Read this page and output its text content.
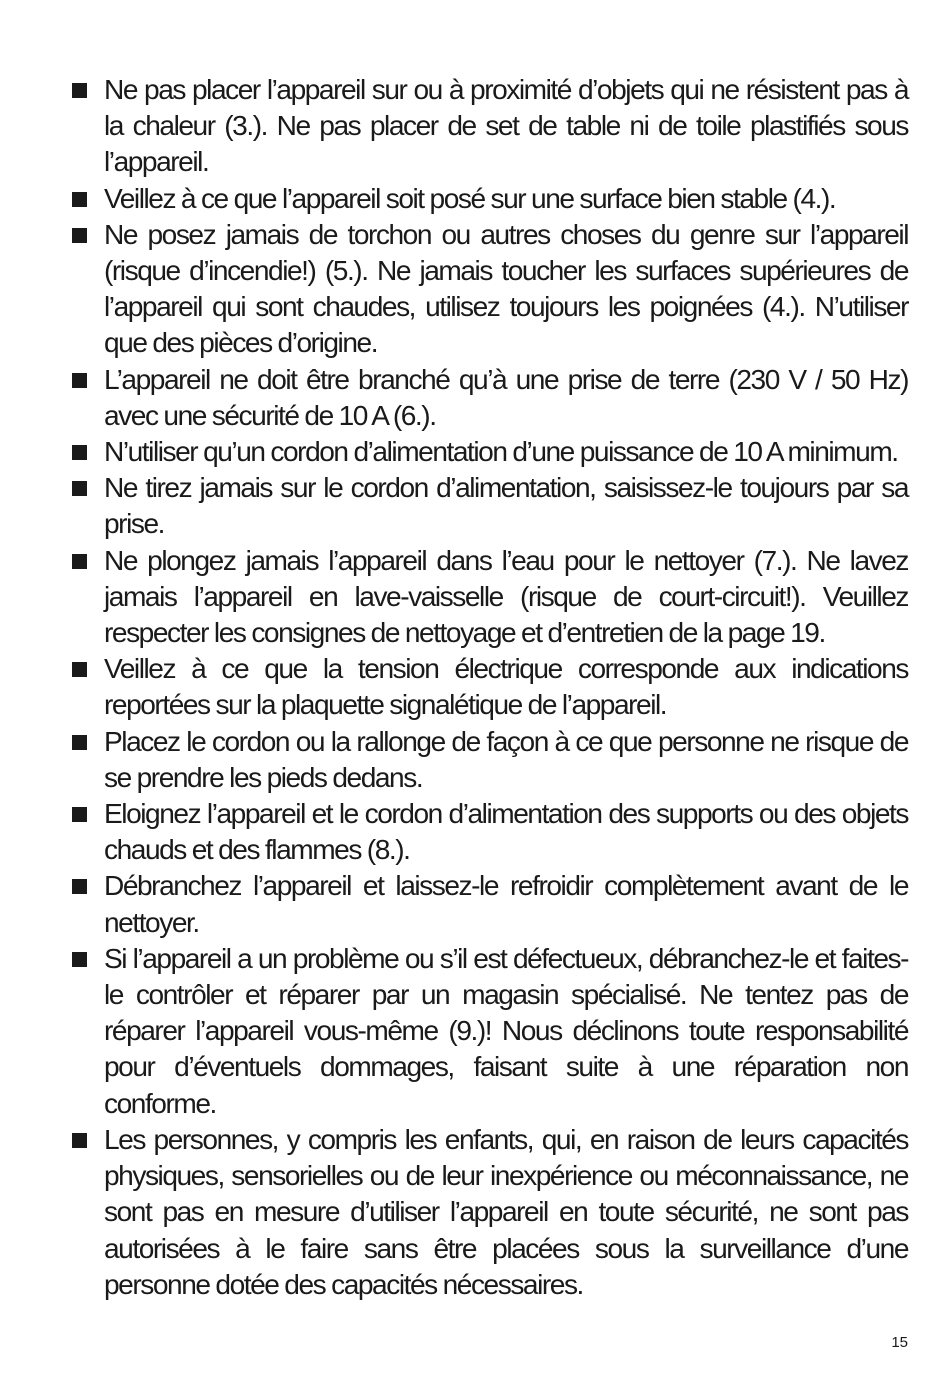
Ne pas placer l’appareil sur ou à proximité d’objets qui ne résistent pas à la chaleur (3.). Ne pas placer de set de table ni de toile plastifiés sous l’appareil.
Veillez à ce que l’appareil soit posé sur une surface bien stable (4.).
Ne posez jamais de torchon ou autres choses du genre sur l’appareil (risque d’incendie!) (5.). Ne jamais toucher les surfaces supérieures de l’appareil qui sont chaudes, utilisez toujours les poignées (4.). N’utiliser que des pièces d’origine.
L’appareil ne doit être branché qu’à une prise de terre (230 V / 50 Hz) avec une sécurité de 10 A (6.).
N’utiliser qu’un cordon d’alimentation d’une puissance de 10 A minimum.
Ne tirez jamais sur le cordon d’alimentation, saisissez-le toujours par sa prise.
Ne plongez jamais l’appareil dans l’eau pour le nettoyer (7.). Ne lavez jamais l’appareil en lave-vaisselle (risque de court-circuit!). Veuillez respecter les consignes de nettoyage et d’entretien de la page 19.
Veillez à ce que la tension électrique corresponde aux indications reportées sur la plaquette signalétique de l’appareil.
Placez le cordon ou la rallonge de façon à ce que personne ne risque de se prendre les pieds dedans.
Eloignez l’appareil et le cordon d’alimentation des supports ou des objets chauds et des flammes (8.).
Débranchez l’appareil et laissez-le refroidir complètement avant de le nettoyer.
Si l’appareil a un problème ou s’il est défectueux, débranchez-le et faites-le contrôler et réparer par un magasin spécialisé. Ne tentez pas de réparer l’appareil vous-même (9.)! Nous déclinons toute responsabilité pour d’éventuels dommages, faisant suite à une réparation non conforme.
Les personnes, y compris les enfants, qui, en raison de leurs capacités physiques, sensorielles ou de leur inexpérience ou méconnaissance, ne sont pas en mesure d’utiliser l’appareil en toute sécurité, ne sont pas autorisées à le faire sans être placées sous la surveillance d’une personne dotée des capacités nécessaires.
15
